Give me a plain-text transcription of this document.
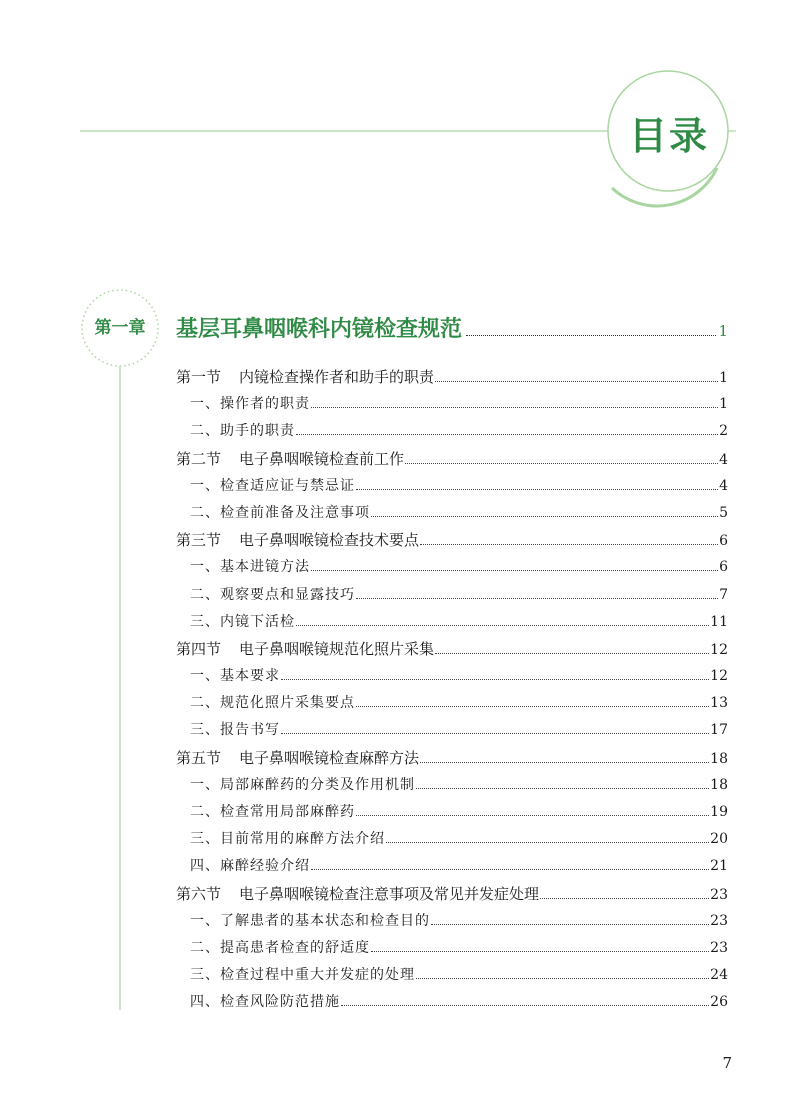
目录
第一章	基层耳鼻咽喉科内镜检查规范	1
第一节 内镜检查操作者和助手的职责	1
一、操作者的职责	1
二、助手的职责	2
第二节 电子鼻咽喉镜检查前工作	4
一、检查适应证与禁忌证	4
二、检查前准备及注意事项	5
第三节 电子鼻咽喉镜检查技术要点	6
一、基本进镜方法	6
二、观察要点和显露技巧	7
三、内镜下活检	11
第四节 电子鼻咽喉镜规范化照片采集	12
一、基本要求	12
二、规范化照片采集要点	13
三、报告书写	17
第五节 电子鼻咽喉镜检查麻醉方法	18
一、局部麻醉药的分类及作用机制	18
二、检查常用局部麻醉药	19
三、目前常用的麻醉方法介绍	20
四、麻醉经验介绍	21
第六节 电子鼻咽喉镜检查注意事项及常见并发症处理	23
一、了解患者的基本状态和检查目的	23
二、提高患者检查的舒适度	23
三、检查过程中重大并发症的处理	24
四、检查风险防范措施	26
7
